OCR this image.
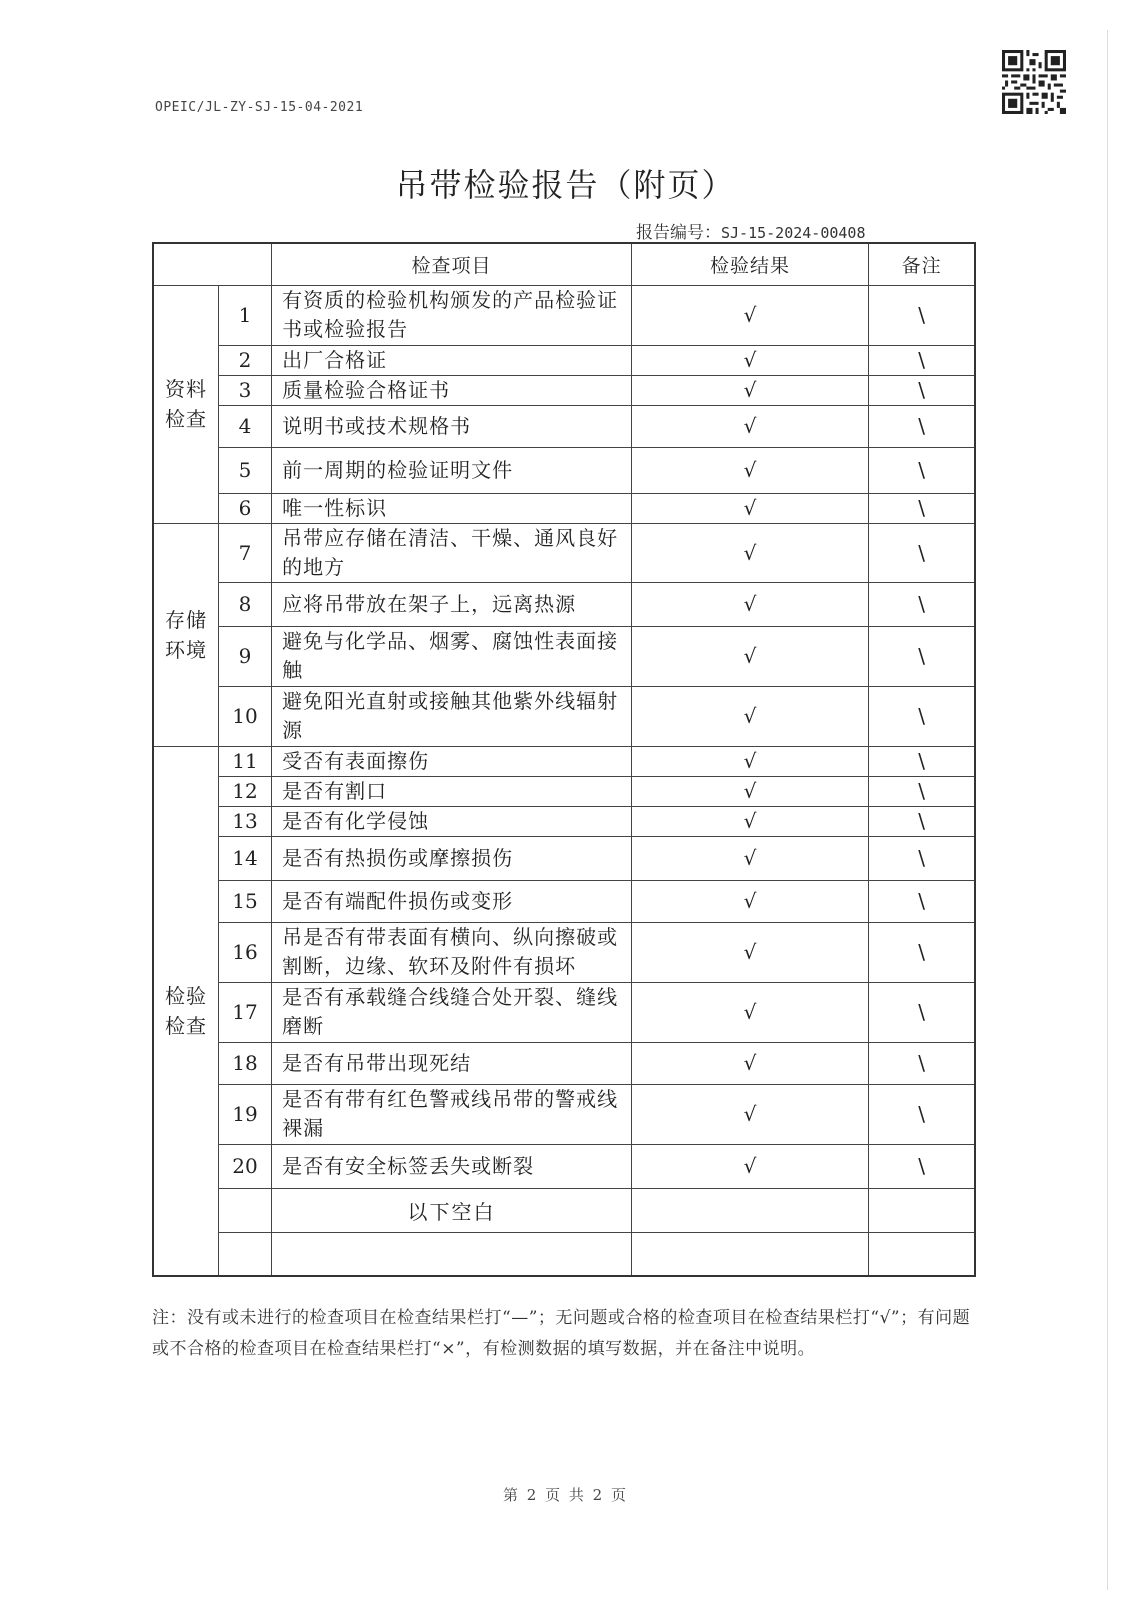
OPEIC/JL-ZY-SJ-15-04-2021
吊带检验报告（附页）
报告编号：SJ-15-2024-00408
		检查项目	检验结果	备注

资料
检查	1	有资质的检验机构颁发的产品检验证书或检验报告	√	\
	2	出厂合格证	√	\
	3	质量检验合格证书	√	\
	4	说明书或技术规格书	√	\
	5	前一周期的检验证明文件	√	\
	6	唯一性标识	√	\

存储
环境	7	吊带应存储在清洁、干燥、通风良好的地方	√	\
	8	应将吊带放在架子上，远离热源	√	\
	9	避免与化学品、烟雾、腐蚀性表面接触	√	\
	10	避免阳光直射或接触其他紫外线辐射源	√	\

检验
检查	11	受否有表面擦伤	√	\
	12	是否有割口	√	\
	13	是否有化学侵蚀	√	\
	14	是否有热损伤或摩擦损伤	√	\
	15	是否有端配件损伤或变形	√	\
	16	吊是否有带表面有横向、纵向擦破或割断，边缘、软环及附件有损坏	√	\
	17	是否有承载缝合线缝合处开裂、缝线磨断	√	\
	18	是否有吊带出现死结	√	\
	19	是否有带有红色警戒线吊带的警戒线裸漏	√	\
	20	是否有安全标签丢失或断裂	√	\
		以下空白		

注：没有或未进行的检查项目在检查结果栏打“—”；无问题或合格的检查项目在检查结果栏打“√”；有问题或不合格的检查项目在检查结果栏打“×”，有检测数据的填写数据，并在备注中说明。
第 2 页 共 2 页
